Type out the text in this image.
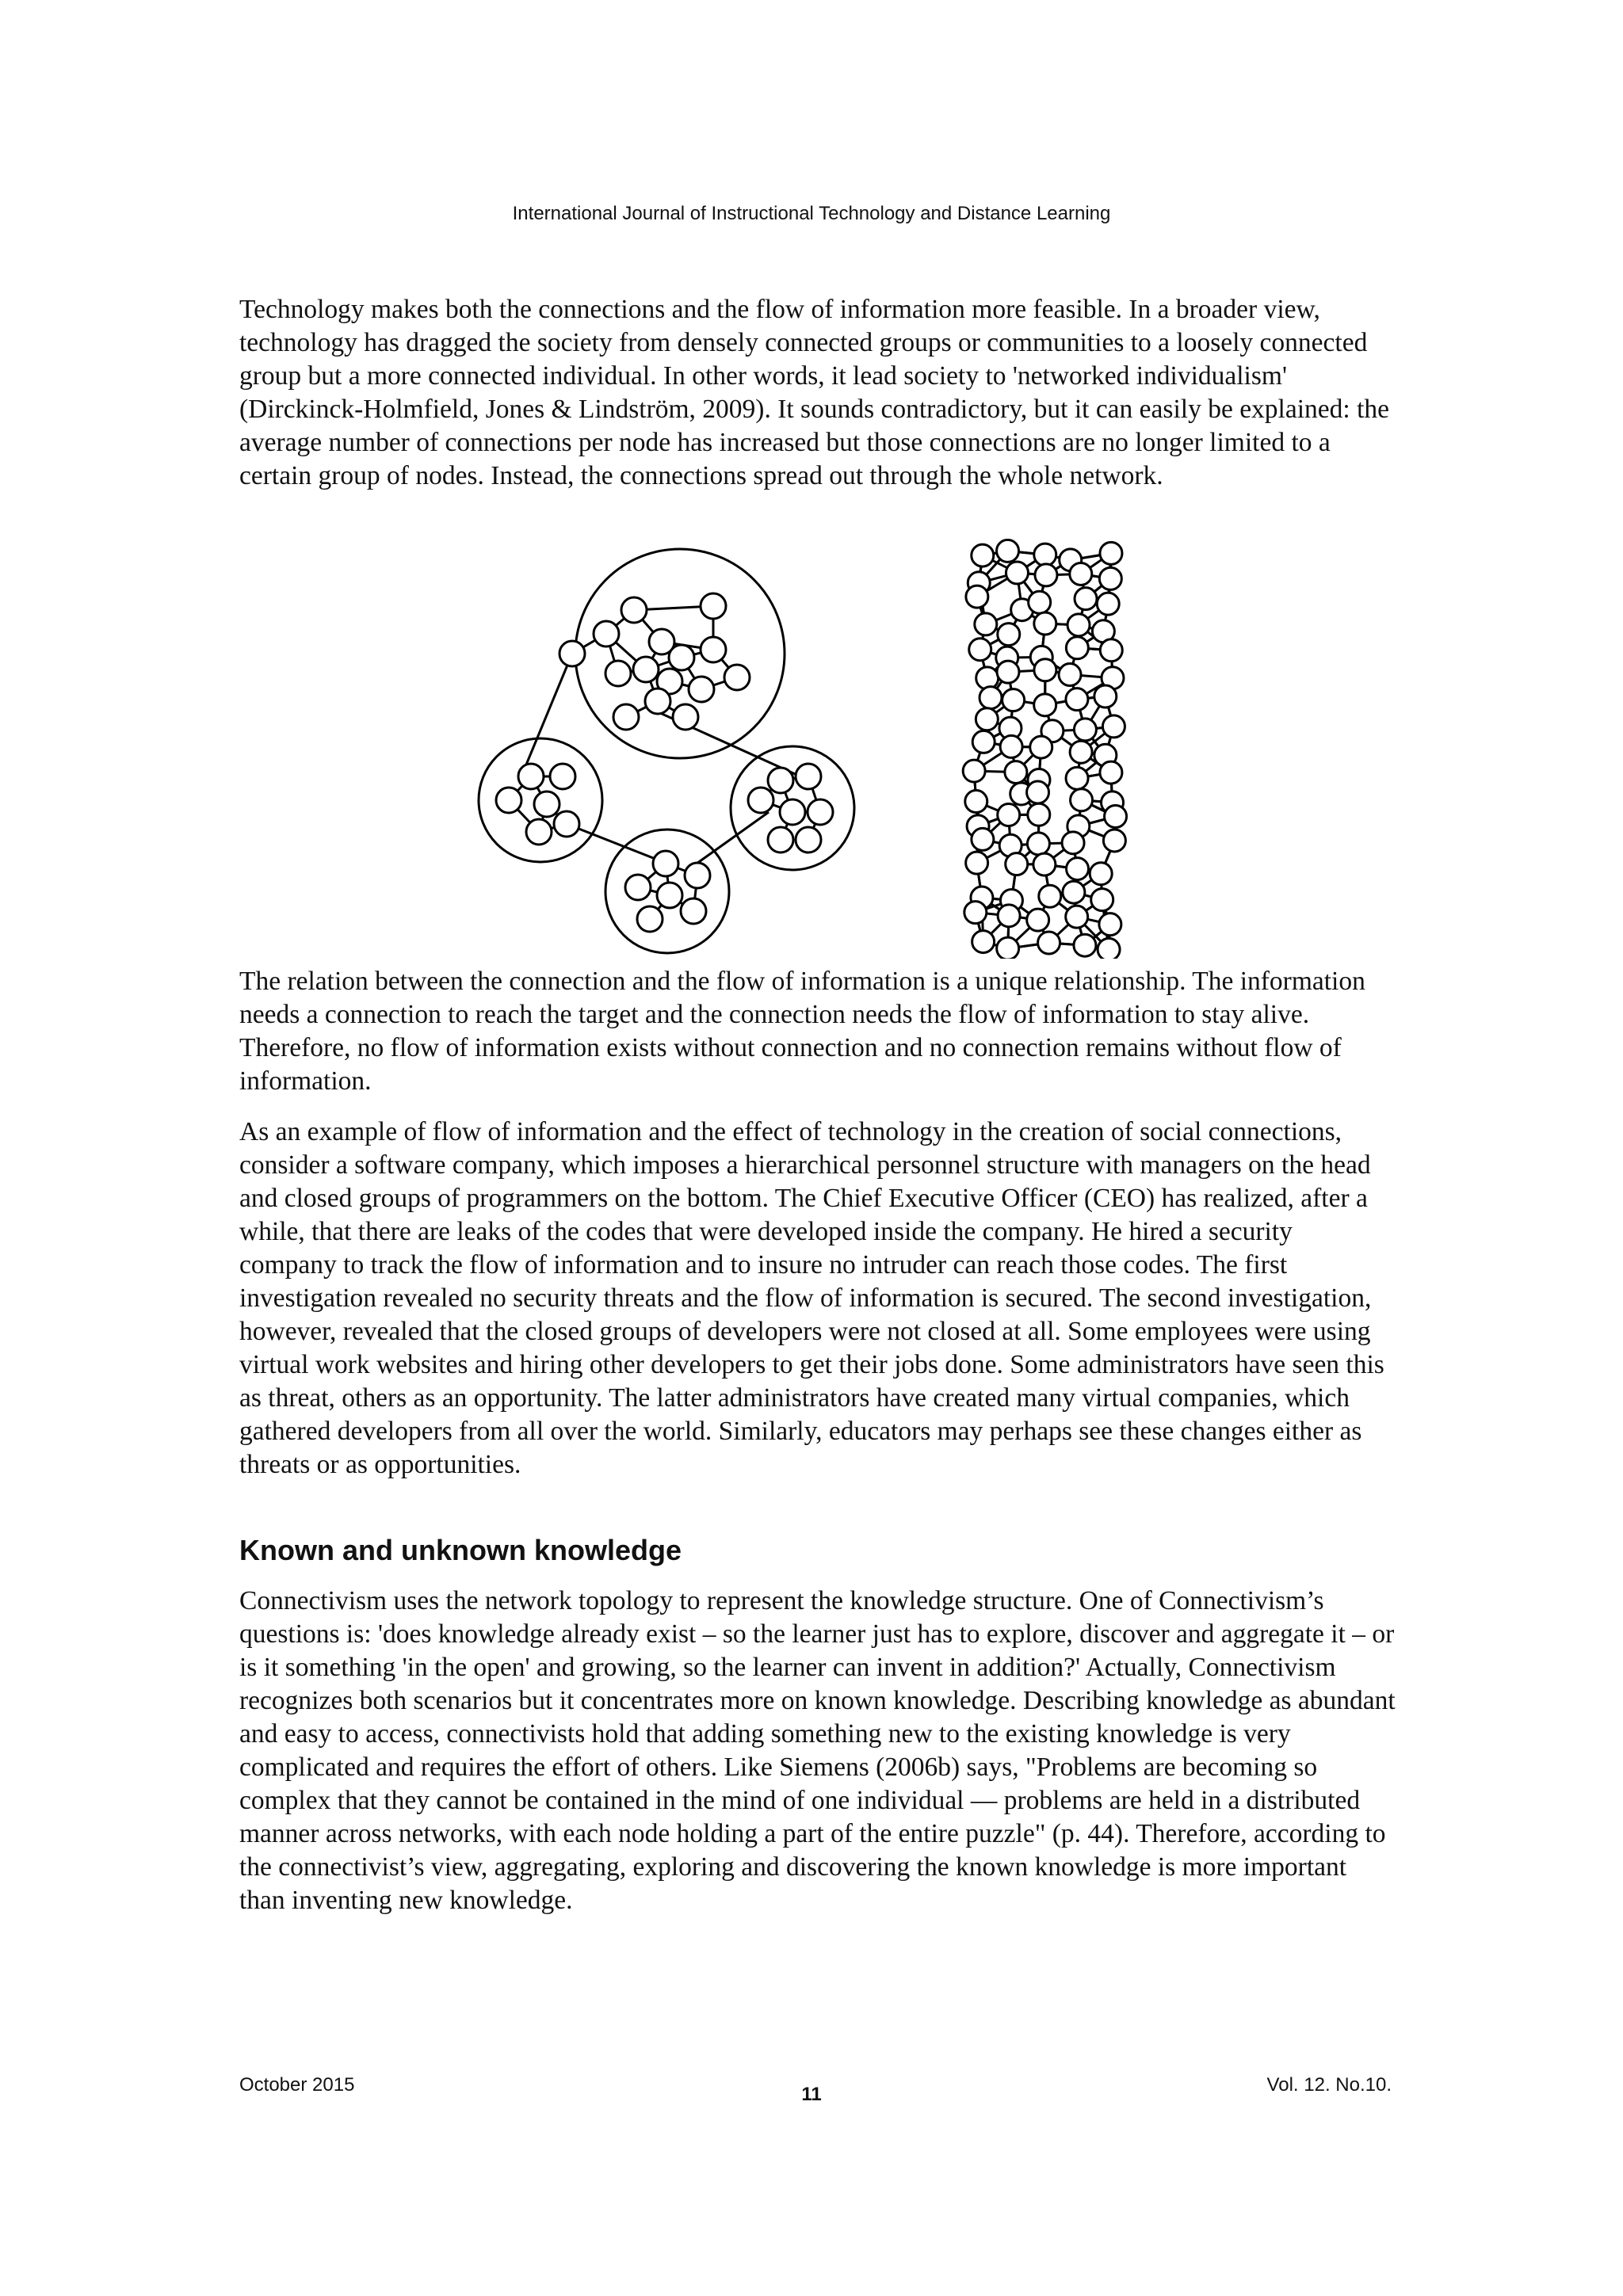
International Journal of Instructional Technology and Distance Learning

Technology makes both the connections and the flow of information more feasible. In a broader view, technology has dragged the society from densely connected groups or communities to a loosely connected group but a more connected individual. In other words, it lead society to 'networked individualism' (Dirckinck-Holmfield, Jones & Lindström, 2009). It sounds contradictory, but it can easily be explained: the average number of connections per node has increased but those connections are no longer limited to a certain group of nodes. Instead, the connections spread out through the whole network.

The relation between the connection and the flow of information is a unique relationship. The information needs a connection to reach the target and the connection needs the flow of information to stay alive. Therefore, no flow of information exists without connection and no connection remains without flow of information.

As an example of flow of information and the effect of technology in the creation of social connections, consider a software company, which imposes a hierarchical personnel structure with managers on the head and closed groups of programmers on the bottom. The Chief Executive Officer (CEO) has realized, after a while, that there are leaks of the codes that were developed inside the company. He hired a security company to track the flow of information and to insure no intruder can reach those codes. The first investigation revealed no security threats and the flow of information is secured. The second investigation, however, revealed that the closed groups of developers were not closed at all. Some employees were using virtual work websites and hiring other developers to get their jobs done. Some administrators have seen this as threat, others as an opportunity. The latter administrators have created many virtual companies, which gathered developers from all over the world. Similarly, educators may perhaps see these changes either as threats or as opportunities.

Known and unknown knowledge

Connectivism uses the network topology to represent the knowledge structure. One of Connectivism’s questions is: 'does knowledge already exist – so the learner just has to explore, discover and aggregate it – or is it something 'in the open' and growing, so the learner can invent in addition?' Actually, Connectivism recognizes both scenarios but it concentrates more on known knowledge. Describing knowledge as abundant and easy to access, connectivists hold that adding something new to the existing knowledge is very complicated and requires the effort of others. Like Siemens (2006b) says, "Problems are becoming so complex that they cannot be contained in the mind of one individual — problems are held in a distributed manner across networks, with each node holding a part of the entire puzzle" (p. 44). Therefore, according to the connectivist’s view, aggregating, exploring and discovering the known knowledge is more important than inventing new knowledge.

October 2015	11	Vol. 12. No.10.
